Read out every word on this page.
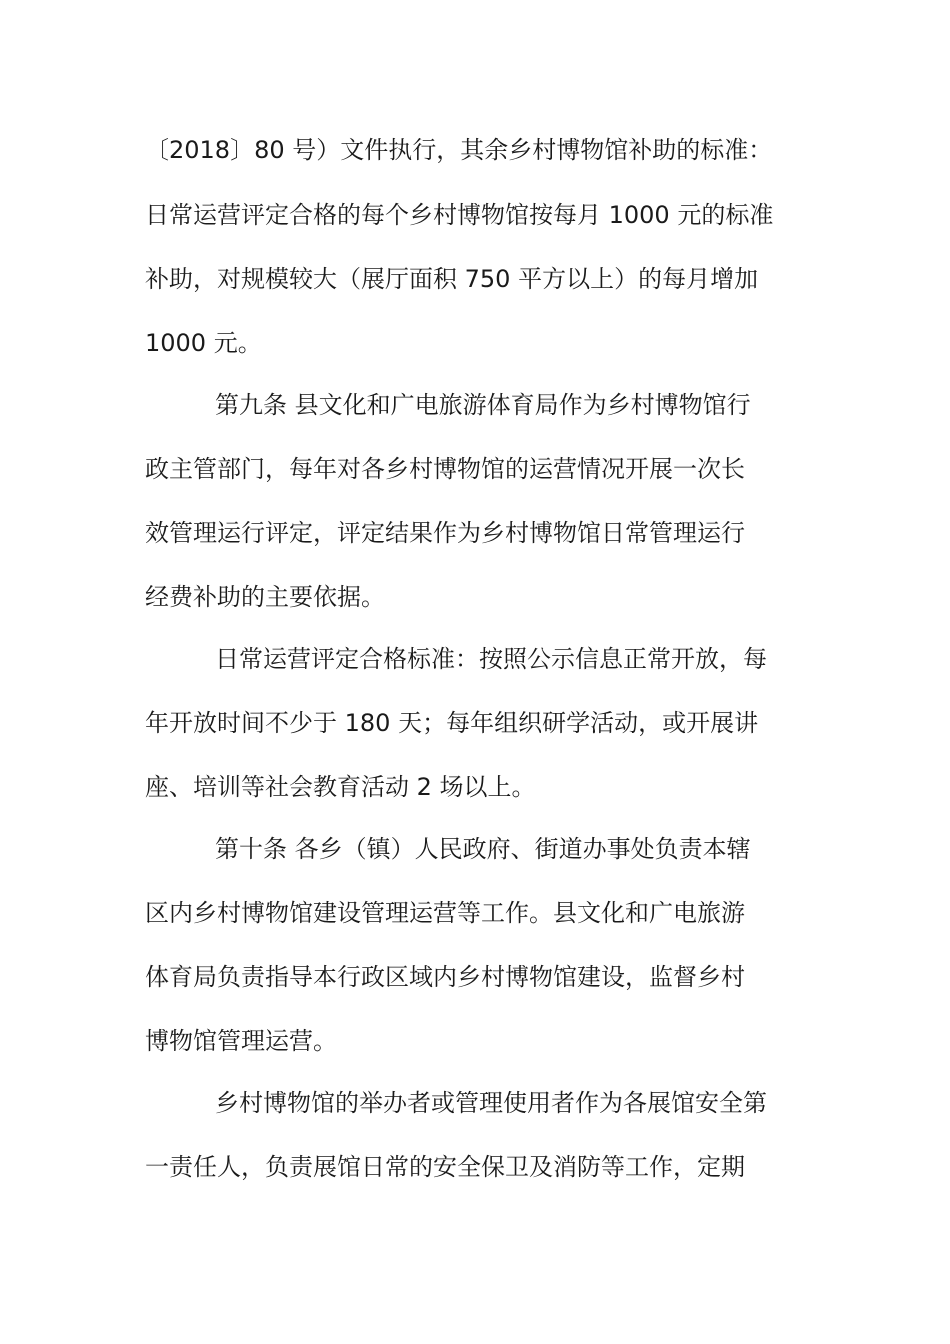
〔2018〕80 号）文件执行，其余乡村博物馆补助的标准：
日常运营评定合格的每个乡村博物馆按每月 1000 元的标准
补助，对规模较大（展厅面积 750 平方以上）的每月增加
1000 元。
第九条 县文化和广电旅游体育局作为乡村博物馆行
政主管部门，每年对各乡村博物馆的运营情况开展一次长
效管理运行评定，评定结果作为乡村博物馆日常管理运行
经费补助的主要依据。
日常运营评定合格标准：按照公示信息正常开放，每
年开放时间不少于 180 天；每年组织研学活动，或开展讲
座、培训等社会教育活动 2 场以上。
第十条 各乡（镇）人民政府、街道办事处负责本辖
区内乡村博物馆建设管理运营等工作。县文化和广电旅游
体育局负责指导本行政区域内乡村博物馆建设，监督乡村
博物馆管理运营。
乡村博物馆的举办者或管理使用者作为各展馆安全第
一责任人，负责展馆日常的安全保卫及消防等工作，定期
